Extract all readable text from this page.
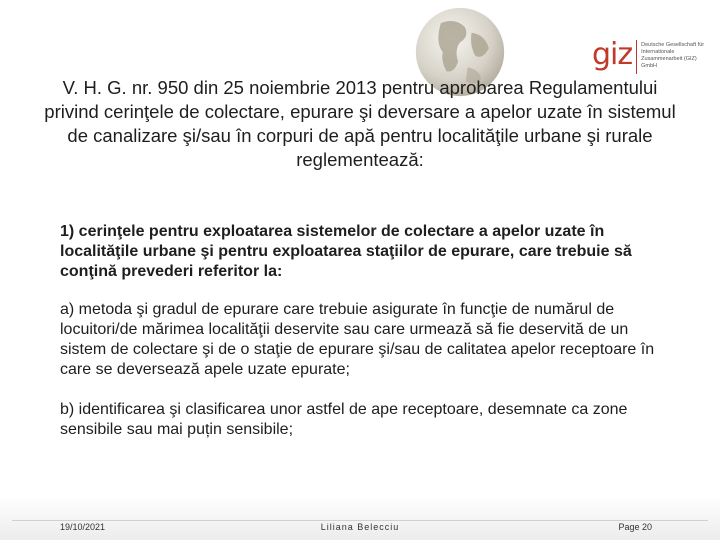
giz Deutsche Gesellschaft für Internationale Zusammenarbeit (GIZ) GmbH
V. H. G. nr. 950 din 25 noiembrie 2013 pentru aprobarea Regulamentului privind cerinţele de colectare, epurare şi deversare a apelor uzate în sistemul de canalizare şi/sau în corpuri de apă pentru localităţile urbane şi rurale reglementează:
1) cerinţele pentru exploatarea sistemelor de colectare a apelor uzate în localităţile urbane şi pentru exploatarea staţiilor de epurare, care trebuie să conţină prevederi referitor la:
a) metoda şi gradul de epurare care trebuie asigurate în funcţie de numărul de locuitori/de mărimea localităţii deservite sau care urmează să fie deservită de un sistem de colectare şi de o staţie de epurare şi/sau de calitatea apelor receptoare în care se deversează apele uzate epurate;
b) identificarea şi clasificarea unor astfel de ape receptoare, desemnate ca zone sensibile sau mai puțin sensibile;
19/10/2021	Liliana Belecciu	Page 20
